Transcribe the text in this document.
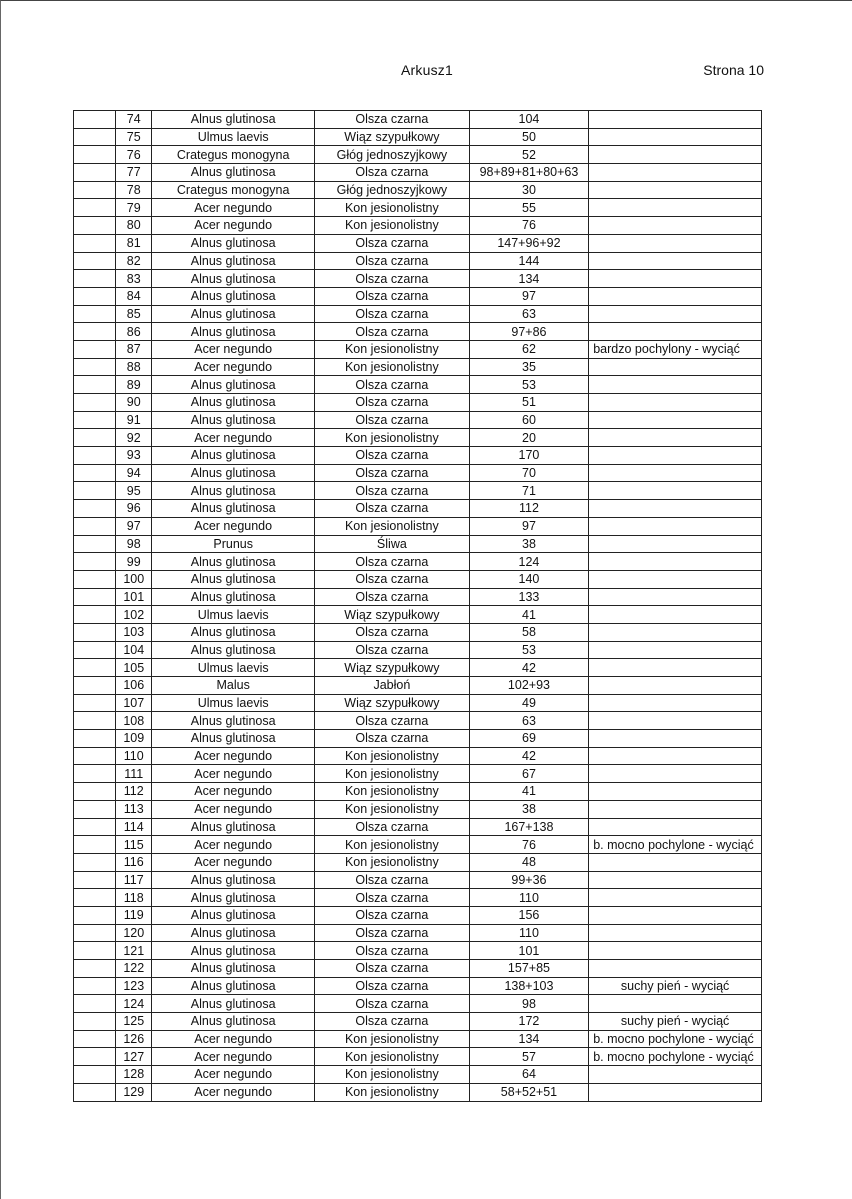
Arkusz1	Strona 10
	74	Alnus glutinosa	Olsza czarna	104	
	75	Ulmus laevis	Wiąz szypułkowy	50	
	76	Crategus monogyna	Głóg jednoszyjkowy	52	
	77	Alnus glutinosa	Olsza czarna	98+89+81+80+63	
	78	Crategus monogyna	Głóg jednoszyjkowy	30	
	79	Acer negundo	Kon jesionolistny	55	
	80	Acer negundo	Kon jesionolistny	76	
	81	Alnus glutinosa	Olsza czarna	147+96+92	
	82	Alnus glutinosa	Olsza czarna	144	
	83	Alnus glutinosa	Olsza czarna	134	
	84	Alnus glutinosa	Olsza czarna	97	
	85	Alnus glutinosa	Olsza czarna	63	
	86	Alnus glutinosa	Olsza czarna	97+86	
	87	Acer negundo	Kon jesionolistny	62	bardzo pochylony - wyciąć
	88	Acer negundo	Kon jesionolistny	35	
	89	Alnus glutinosa	Olsza czarna	53	
	90	Alnus glutinosa	Olsza czarna	51	
	91	Alnus glutinosa	Olsza czarna	60	
	92	Acer negundo	Kon jesionolistny	20	
	93	Alnus glutinosa	Olsza czarna	170	
	94	Alnus glutinosa	Olsza czarna	70	
	95	Alnus glutinosa	Olsza czarna	71	
	96	Alnus glutinosa	Olsza czarna	112	
	97	Acer negundo	Kon jesionolistny	97	
	98	Prunus	Śliwa	38	
	99	Alnus glutinosa	Olsza czarna	124	
	100	Alnus glutinosa	Olsza czarna	140	
	101	Alnus glutinosa	Olsza czarna	133	
	102	Ulmus laevis	Wiąz szypułkowy	41	
	103	Alnus glutinosa	Olsza czarna	58	
	104	Alnus glutinosa	Olsza czarna	53	
	105	Ulmus laevis	Wiąz szypułkowy	42	
	106	Malus	Jabłoń	102+93	
	107	Ulmus laevis	Wiąz szypułkowy	49	
	108	Alnus glutinosa	Olsza czarna	63	
	109	Alnus glutinosa	Olsza czarna	69	
	110	Acer negundo	Kon jesionolistny	42	
	111	Acer negundo	Kon jesionolistny	67	
	112	Acer negundo	Kon jesionolistny	41	
	113	Acer negundo	Kon jesionolistny	38	
	114	Alnus glutinosa	Olsza czarna	167+138	
	115	Acer negundo	Kon jesionolistny	76	b. mocno pochylone - wyciąć
	116	Acer negundo	Kon jesionolistny	48	
	117	Alnus glutinosa	Olsza czarna	99+36	
	118	Alnus glutinosa	Olsza czarna	110	
	119	Alnus glutinosa	Olsza czarna	156	
	120	Alnus glutinosa	Olsza czarna	110	
	121	Alnus glutinosa	Olsza czarna	101	
	122	Alnus glutinosa	Olsza czarna	157+85	
	123	Alnus glutinosa	Olsza czarna	138+103	suchy pień - wyciąć
	124	Alnus glutinosa	Olsza czarna	98	
	125	Alnus glutinosa	Olsza czarna	172	suchy pień - wyciąć
	126	Acer negundo	Kon jesionolistny	134	b. mocno pochylone - wyciąć
	127	Acer negundo	Kon jesionolistny	57	b. mocno pochylone - wyciąć
	128	Acer negundo	Kon jesionolistny	64	
	129	Acer negundo	Kon jesionolistny	58+52+51	
